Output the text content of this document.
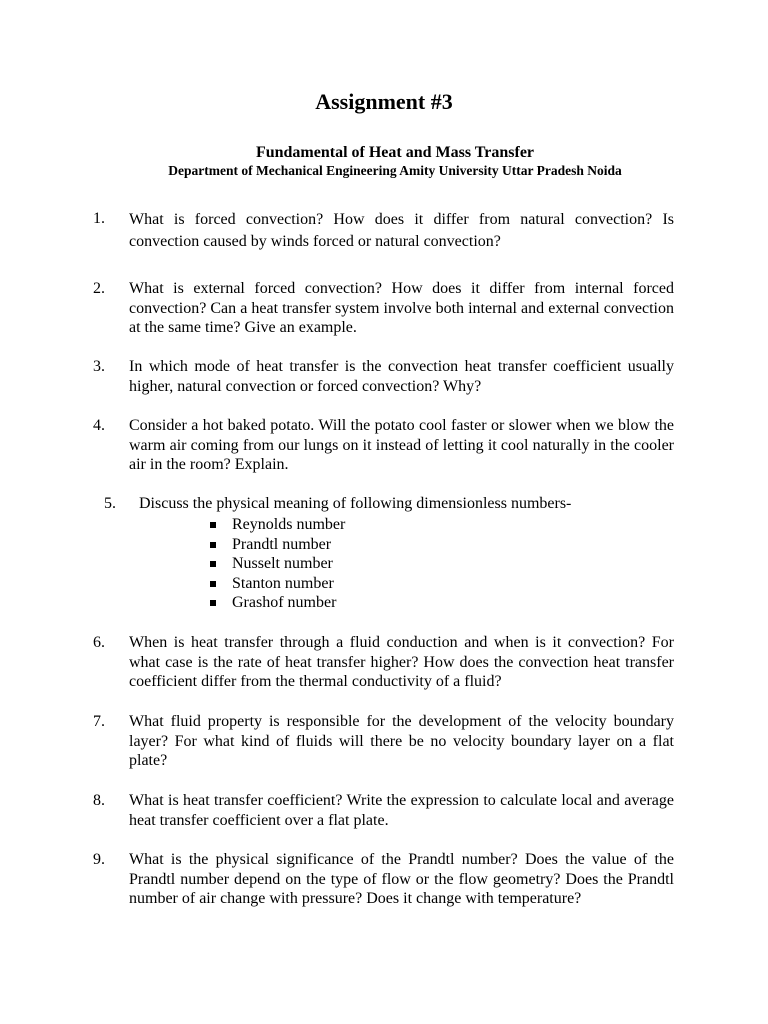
Assignment #3
Fundamental of Heat and Mass Transfer
Department of Mechanical Engineering Amity University Uttar Pradesh Noida
1. What is forced convection? How does it differ from natural convection? Is convection caused by winds forced or natural convection?
2. What is external forced convection? How does it differ from internal forced convection? Can a heat transfer system involve both internal and external convection at the same time? Give an example.
3. In which mode of heat transfer is the convection heat transfer coefficient usually higher, natural convection or forced convection? Why?
4. Consider a hot baked potato. Will the potato cool faster or slower when we blow the warm air coming from our lungs on it instead of letting it cool naturally in the cooler air in the room? Explain.
5. Discuss the physical meaning of following dimensionless numbers-
Reynolds number
Prandtl number
Nusselt number
Stanton number
Grashof number
6. When is heat transfer through a fluid conduction and when is it convection? For what case is the rate of heat transfer higher? How does the convection heat transfer coefficient differ from the thermal conductivity of a fluid?
7. What fluid property is responsible for the development of the velocity boundary layer? For what kind of fluids will there be no velocity boundary layer on a flat plate?
8. What is heat transfer coefficient? Write the expression to calculate local and average heat transfer coefficient over a flat plate.
9. What is the physical significance of the Prandtl number? Does the value of the Prandtl number depend on the type of flow or the flow geometry? Does the Prandtl number of air change with pressure? Does it change with temperature?
